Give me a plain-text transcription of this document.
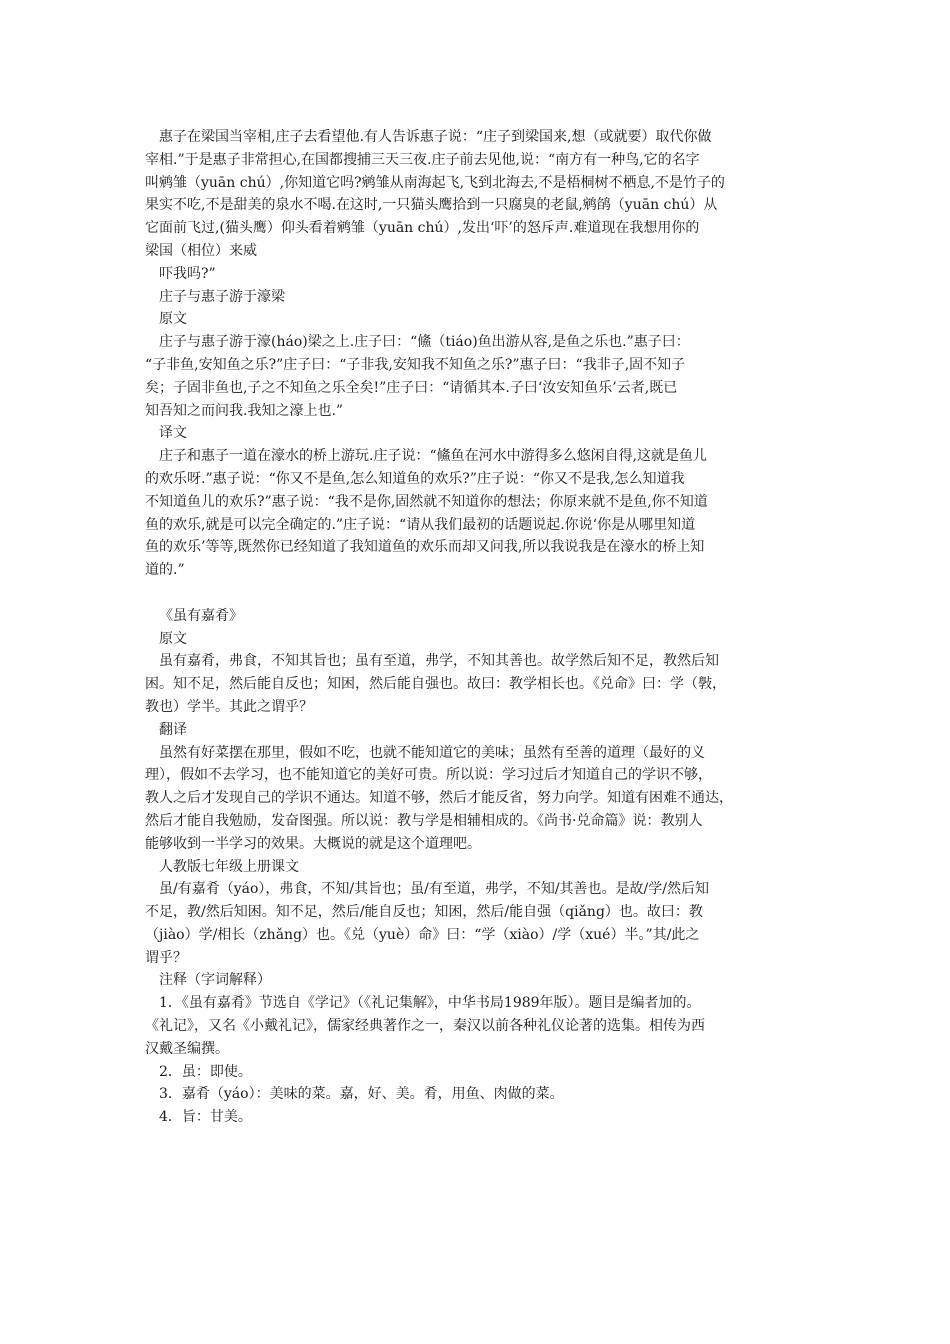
惠子在梁国当宰相,庄子去看望他.有人告诉惠子说：“庄子到梁国来,想（或就要）取代你做
宰相.”于是惠子非常担心,在国都搜捕三天三夜.庄子前去见他,说：“南方有一种鸟,它的名字
叫鹓雏（yuān chú）,你知道它吗?鹓雏从南海起飞,飞到北海去,不是梧桐树不栖息,不是竹子的
果实不吃,不是甜美的泉水不喝.在这时,一只猫头鹰拾到一只腐臭的老鼠,鹓鹐（yuān chú）从
它面前飞过,(猫头鹰）仰头看着鹓雏（yuān chú）,发出‘吓’的怒斥声.难道现在我想用你的
梁国（相位）来威
吓我吗?”
庄子与惠子游于濠梁
原文
庄子与惠子游于濠(háo)梁之上.庄子曰：“鯈（tiáo)鱼出游从容,是鱼之乐也.”惠子曰：
“子非鱼,安知鱼之乐?”庄子曰：“子非我,安知我不知鱼之乐?”惠子曰：“我非子,固不知子
矣；子固非鱼也,子之不知鱼之乐全矣!”庄子曰：“请循其本.子曰‘汝安知鱼乐’云者,既已
知吾知之而问我.我知之濠上也.”
译文
庄子和惠子一道在濠水的桥上游玩.庄子说：“鯈鱼在河水中游得多么悠闲自得,这就是鱼儿
的欢乐呀.”惠子说：“你又不是鱼,怎么知道鱼的欢乐?”庄子说：“你又不是我,怎么知道我
不知道鱼儿的欢乐?”惠子说：“我不是你,固然就不知道你的想法；你原来就不是鱼,你不知道
鱼的欢乐,就是可以完全确定的.”庄子说：“请从我们最初的话题说起.你说‘你是从哪里知道
鱼的欢乐’等等,既然你已经知道了我知道鱼的欢乐而却又问我,所以我说我是在濠水的桥上知
道的.”
《虽有嘉肴》
原文
虽有嘉肴，弗食，不知其旨也；虽有至道，弗学，不知其善也。故学然后知不足，教然后知
困。知不足，然后能自反也；知困，然后能自强也。故曰：教学相长也。《兑命》曰：学（斅，
教也）学半。其此之谓乎？
翻译
虽然有好菜摆在那里，假如不吃，也就不能知道它的美味；虽然有至善的道理（最好的义
理），假如不去学习，也不能知道它的美好可贵。所以说：学习过后才知道自己的学识不够，
教人之后才发现自己的学识不通达。知道不够，然后才能反省，努力向学。知道有困难不通达，
然后才能自我勉励，发奋图强。所以说：教与学是相辅相成的。《尚书·兑命篇》说：教别人
能够收到一半学习的效果。大概说的就是这个道理吧。
人教版七年级上册课文
虽/有嘉肴（yáo），弗食，不知/其旨也；虽/有至道，弗学，不知/其善也。是故/学/然后知
不足，教/然后知困。知不足，然后/能自反也；知困，然后/能自强（qiǎng）也。故曰：教
（jiào）学/相长（zhǎng）也。《兑（yuè）命》曰：“学（xiào）/学（xué）半。”其/此之
谓乎？
注释（字词解释）
1．《虽有嘉肴》节选自《学记》（《礼记集解》，中华书局1989年版）。题目是编者加的。
《礼记》，又名《小戴礼记》，儒家经典著作之一，秦汉以前各种礼仪论著的选集。相传为西
汉戴圣编撰。
2．虽：即使。
3．嘉肴（yáo）：美味的菜。嘉，好、美。肴，用鱼、肉做的菜。
4．旨：甘美。
